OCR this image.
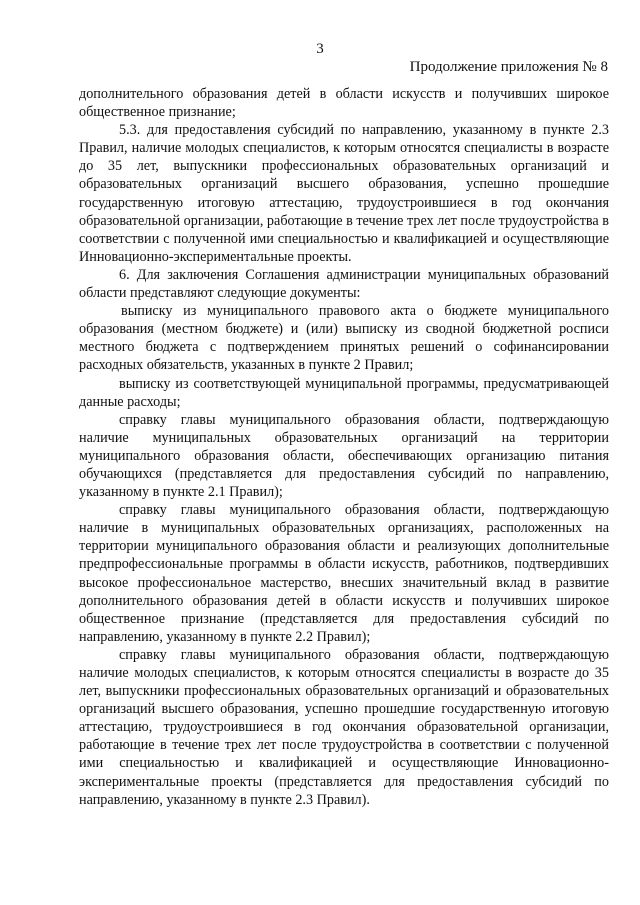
3
Продолжение приложения № 8

дополнительного образования детей в области искусств и получивших широкое общественное признание;

5.3. для предоставления субсидий по направлению, указанному в пункте 2.3 Правил, наличие молодых специалистов, к которым относятся специалисты в возрасте до 35 лет, выпускники профессиональных образовательных организаций и образовательных организаций высшего образования, успешно прошедшие государственную итоговую аттестацию, трудоустроившиеся в год окончания образовательной организации, работающие в течение трех лет после трудоустройства в соответствии с полученной ими специальностью и квалификацией и осуществляющие Инновационно-экспериментальные проекты.

6. Для заключения Соглашения администрации муниципальных образований области представляют следующие документы:

выписку из муниципального правового акта о бюджете муниципального образования (местном бюджете) и (или) выписку из сводной бюджетной росписи местного бюджета с подтверждением принятых решений о софинансировании расходных обязательств, указанных в пункте 2 Правил;

выписку из соответствующей муниципальной программы, предусматривающей данные расходы;

справку главы муниципального образования области, подтверждающую наличие муниципальных образовательных организаций на территории муниципального образования области, обеспечивающих организацию питания обучающихся (представляется для предоставления субсидий по направлению, указанному в пункте 2.1 Правил);

справку главы муниципального образования области, подтверждающую наличие в муниципальных образовательных организациях, расположенных на территории муниципального образования области и реализующих дополнительные предпрофессиональные программы в области искусств, работников, подтвердивших высокое профессиональное мастерство, внесших значительный вклад в развитие дополнительного образования детей в области искусств и получивших широкое общественное признание (представляется для предоставления субсидий по направлению, указанному в пункте 2.2 Правил);

справку главы муниципального образования области, подтверждающую наличие молодых специалистов, к которым относятся специалисты в возрасте до 35 лет, выпускники профессиональных образовательных организаций и образовательных организаций высшего образования, успешно прошедшие государственную итоговую аттестацию, трудоустроившиеся в год окончания образовательной организации, работающие в течение трех лет после трудоустройства в соответствии с полученной ими специальностью и квалификацией и осуществляющие Инновационно-экспериментальные проекты (представляется для предоставления субсидий по направлению, указанному в пункте 2.3 Правил).
